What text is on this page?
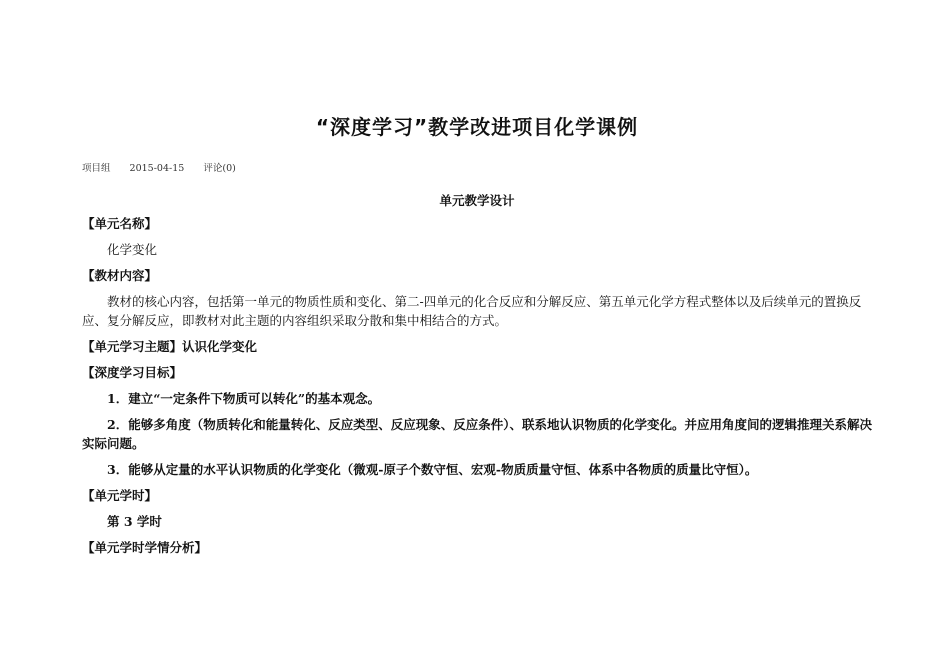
“深度学习”教学改进项目化学课例
项目组 2015-04-15 评论(0)
单元教学设计

【单元名称】

化学变化

【教材内容】

教材的核心内容，包括第一单元的物质性质和变化、第二-四单元的化合反应和分解反应、第五单元化学方程式整体以及后续单元的置换反应、复分解反应，即教材对此主题的内容组织采取分散和集中相结合的方式。

【单元学习主题】认识化学变化

【深度学习目标】

1．建立“一定条件下物质可以转化”的基本观念。

2．能够多角度（物质转化和能量转化、反应类型、反应现象、反应条件）、联系地认识物质的化学变化。并应用角度间的逻辑推理关系解决实际问题。

3．能够从定量的水平认识物质的化学变化（微观-原子个数守恒、宏观-物质质量守恒、体系中各物质的质量比守恒）。

【单元学时】

第 3 学时

【单元学时学情分析】
